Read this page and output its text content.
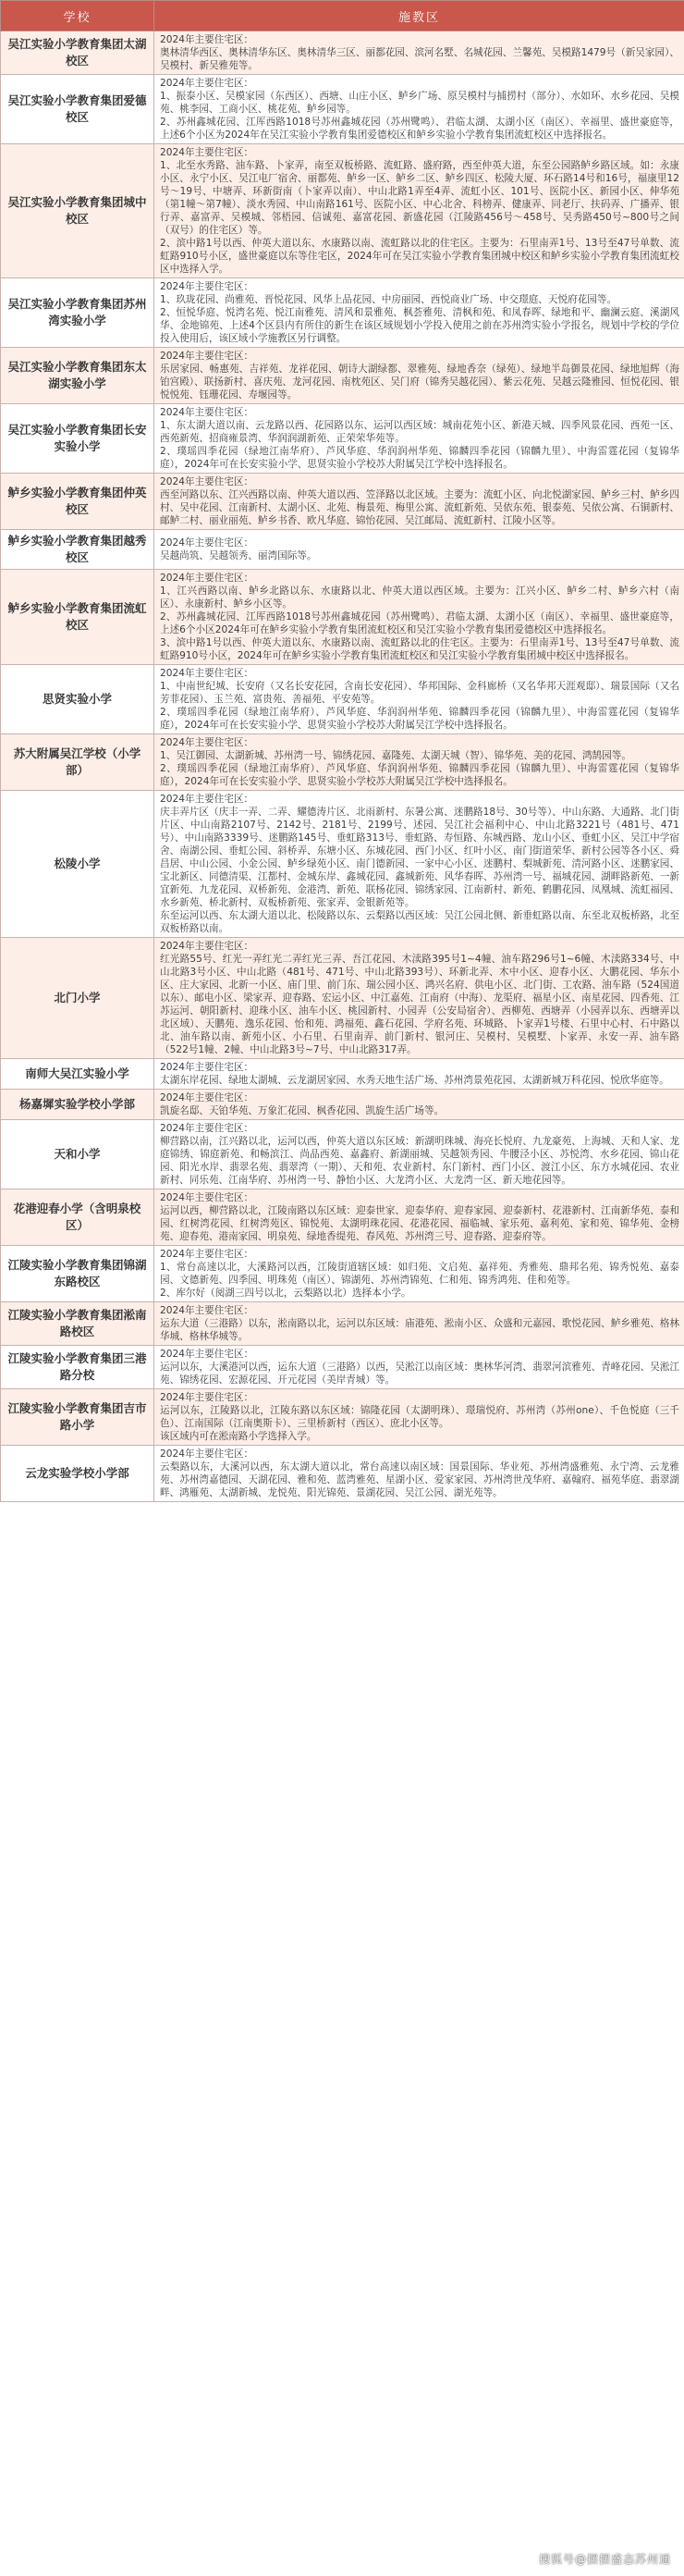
学校	施教区
吴江实验小学教育集团太湖校区	2024年主要住宅区：
奥林清华西区、奥林清华东区、奥林清华三区、丽都花园、滨河名墅、名城花园、兰馨苑、吴模路1479号（新吴家园）、吴模村、新吴雅苑等。

吴江实验小学教育集团爱德校区	2024年主要住宅区：
1、振泰小区、吴模家园（东西区）、西塘、山庄小区、鲈乡广场、原吴模村与捕捞村（部分）、水如环、水乡花园、吴模苑、桃李园、工商小区、桃花苑、鲈乡园等。
2、苏州鑫城花园、江厍西路1018号苏州鑫城花园（苏州鹭鸣）、君临太湖、太湖小区（南区）、幸福里、盛世豪庭等，上述6个小区为2024年在吴江实验小学教育集团爱德校区和鲈乡实验小学教育集团流虹校区中选择报名。

吴江实验小学教育集团城中校区	2024年主要住宅区：
1、北至水秀路、油车路、卜家弄，南至双板桥路、流虹路、盛府路，西至仲英大道，东至公园路鲈乡路区域。如：永康小区、永宁小区、吴江电厂宿舍、丽都苑、鲈乡一区、鲈乡二区、鲈乡四区、松陵大厦、环石路14号和16号，福康里12号～19号、中塘弄、环新街南（卜家弄以南）、中山北路1弄至4弄、流虹小区、101号、医院小区、新园小区、伸华苑（第1幢～第7幢）、淡水秀园、中山南路161号、医院小区、中心北舍、科榜弄、健康弄、同老厅、扶码弄、广播弄、银行弄、嘉富弄、吴模城、邻梧园、信诚苑、嘉富花园、新盛花园（江陵路456号～458号、吴秀路450号~800号之间（双号）的住宅区）等。
2、滨中路1号以西、仲英大道以东、水康路以南、流虹路以北的住宅区。主要为：石里南弄1号、13号至47号单数、流虹路910号小区，盛世豪庭以东等住宅区，2024年可在吴江实验小学教育集团城中校区和鲈乡实验小学教育集团流虹校区中选择入学。

吴江实验小学教育集团苏州湾实验小学	2024年主要住宅区：
1、玖珑花园、尚雅苑、晋悦花园、风华上品花园、中房丽园、西悦商业广场、中交璟庭、天悦府花园等。
2、恒悦华庭、悦湾名苑、悦江南雅苑、清风和景雅苑、枫荟雅苑、清枫和苑、和凤春晖、绿地和平、幽澜云庭、溪湖风华、金地锦苑、上述4个区县内有所住的新生在该区域规划小学投入使用之前在苏州湾实验小学报名，规划中学校的学位投入使用后，该区域小学施教区另行调整。

吴江实验小学教育集团东太湖实验小学	2024年主要住宅区：
乐居家园、畅惠苑、吉祥苑、龙祥花园、朝诗大湖绿都、翠雅苑、绿地香奈（绿苑）、绿地半岛御景花园、绿地旭辉（海铂宫殿）、联扬新村、喜庆苑、龙河花园、南枕苑区、吴门府（锦秀吴越花园）、紫云花苑、吴越云隆雅园、恒悦花园、银悦悦苑、钰珊花园、寿堰园等。

吴江实验小学教育集团长安实验小学	2024年主要住宅区：
1、东太湖大道以南、云龙路以西、花园路以东、运河以西区域：城南花苑小区、新港天城、四季风景花园、西苑一区、西苑新苑、招商雍景湾、华润润湖新苑、正荣荣华苑等。
2、璞瑶四季花园（绿地江南华府）、芦风华庭、华润润州华苑、锦麟四季花园（锦麟九里）、中海雷霆花园（复锦华庭），2024年可在长安实验小学、思贤实验小学校苏大附属吴江学校中选择报名。

鲈乡实验小学教育集团仲英校区	2024年主要住宅区：
西至河路以东、江兴西路以南、仲英大道以西、笠泽路以北区域。主要为：流虹小区、向北悦湖家园、鲈乡三村、鲈乡四村、吴中花园、江南新村、太湖小区、北苑、梅景苑、梅里公寓、流虹新苑、吴依东苑、银泰苑、吴依公寓、石铜新村、邮鲈二村、丽业丽苑、鲈乡书香、欧凡华庭、锦怡花园、吴江邮局、流虹新村、江陵小区等。

鲈乡实验小学教育集团越秀校区	2024年主要住宅区：
吴越尚筑、吴越领秀、丽湾国际等。

鲈乡实验小学教育集团流虹校区	2024年主要住宅区：
1、江兴西路以南、鲈乡北路以东、水康路以北、仲英大道以西区域。主要为：江兴小区、鲈乡二村、鲈乡六村（南区）、永康新村、鲈乡小区等。
2、苏州鑫城花园、江厍西路1018号苏州鑫城花园（苏州鹭鸣）、君临太湖、太湖小区（南区）、幸福里、盛世豪庭等，上述6个小区2024年可在鲈乡实验小学教育集团流虹校区和吴江实验小学教育集团爱德校区中选择报名。
3、滨中路1号以西、仲英大道以东、水康路以南、流虹路以北的住宅区。主要为：石里南弄1号、13号至47号单数、流虹路910号小区，2024年可在鲈乡实验小学教育集团流虹校区和吴江实验小学教育集团城中校区中选择报名。

思贤实验小学	2024年主要住宅区：
1、中南世纪城、长安府（又名长安花园，含南长安花园）、华邦国际、金科廊桥（又名华邦天涯观邸）、瑞景国际（又名芳菲花园）、玉兰苑、富贵苑、善福苑、平安苑等。
2、璞瑶四季花园（绿地江南华府）、芦风华庭、华润润州华苑、锦麟四季花园（锦麟九里）、中海雷霆花园（复锦华庭），2024年可在长安实验小学、思贤实验小学校苏大附属吴江学校中选择报名。

苏大附属吴江学校（小学部）	2024年主要住宅区：
1、吴江御园、太湖新城、苏州湾一号、锦绣花园、嘉隆苑、太湖天城（智）、锦华苑、美的花园、鸿鹄园等。
2、璞瑶四季花园（绿地江南华府）、芦风华庭、华润润州华苑、锦麟四季花园（锦麟九里）、中海雷霆花园（复锦华庭），2024年可在长安实验小学、思贤实验小学校苏大附属吴江学校中选择报名。

松陵小学	2024年主要住宅区：
庆丰弄片区（庆丰一弄、二弄、耀德涛片区、北雨新村、东暑公寓、迷鹏路18号、30号等）、中山东路、大通路、北门街片区、中山南路2107号、2142号、2181号、2199号、述园、吴江社会福利中心、中山北路3221号（481号、471号）、中山南路3339号、迷鹏路145号、垂虹路313号、垂虹路、寿恒路、东城西路、龙山小区、垂虹小区、吴江中学宿舍、南湖公园、垂虹公园、斜桥弄、东塘小区、东城花园、西门小区、红叶小区、南门街道荣华、新村公园等各小区、舜昌居、中山公园、小金公园、鲈乡绿苑小区、南门德新园、一家中心小区、迷鹏村、梨城新苑、清河路小区、迷鹏家园、宝北新区、同德清渠、江都村、金城东岸、鑫城花园、鑫城新苑、风华春晖、苏州湾一号、福城花园、湖畔路新苑、一新宜新苑、九龙花园、双桥新苑、金港湾、新苑、联杨花园、锦绣家园、江南新村、新苑、鹤鹏花园、凤凰城、流虹福园、水乡新苑、桥北新村、双板桥新苑、张家弄、金银新苑等。
东至运河以西、东太湖大道以北、松陵路以东、云梨路以西区域：吴江公园北侧、新垂虹路以南、东至北双板桥路，北至双板桥路以南。

北门小学	2024年主要住宅区：
红光路55号、红光一弄红光二弄红光三弄、吾江花园、木渎路395号1~4幢、油车路296号1~6幢、木渎路334号、中山北路3号小区、中山北路（481号、471号、中山北路393号）、环新北弄、木中小区、迎春小区、大鹏花园、华东小区、庄大家园、北新一小区、庙门里、前门东、瑞公园小区、鸿兴名府、供电小区、北门街、工农路、油车路（524国道以东）、邮电小区、梁家弄、迎春路、宏运小区、中江嘉苑、江南府（中海）、龙渠府、福星小区、南星花园、四香苑、江苏运河、朝阳新村、迎珠小区、油车小区、桃园新村、小园弄（公安局宿舍）、西柳苑、西塘弄（小园弄以东、西塘弄以北区域）、天鹏苑、逸乐花园、怡和苑、鸿福苑、鑫石花园、学府名苑、环城路、卜家弄1号楼、石里中心村、石中路以北、油车路以南、新苑小区、小石里、石里南弄、前门新村、银河庄、吴模村、吴模墅、卜家弄、永安一弄、油车路（522号1幢、2幢、中山北路3号~7号、中山北路317弄。

南师大吴江实验小学	2024年主要住宅区：
太湖东岸花园、绿地太湖城、云龙湖居家园、水秀天地生活广场、苏州湾景苑花园、太湖新城万科花园、悦欣华庭等。

杨嘉墀实验学校小学部	2024年主要住宅区：
凯旋名邸、天铂华苑、万象汇花园、枫香花园、凯旋生活广场等。

天和小学	2024年主要住宅区：
柳营路以南，江兴路以北，运河以西，仲英大道以东区域：新湖明珠城、海亮长悦府、九龙豪苑、上海城、天和人家、龙庭锦绣、锦庭新苑、和畅滨江、尚品西苑、嘉鑫府、新湖丽城、吴越领秀园、牛腰泾小区、苏悦湾、水乡花园、锦山花园、阳光水岸、翡翠名苑、翡翠湾（一期）、天和苑、农业新村、东门新村、西门小区、渡江小区、东方水城花园、农业新村、同乐苑、江南华府、苏州湾一号、静怡小区、大龙湾小区、大龙湾一区、新天地花园等。

花港迎春小学（含明泉校区）	2024年主要住宅区：
运河以西，柳营路以北，江陵南路以东区域：迎泰世家、迎泰华府、迎春家园、迎泰新村、花港新村、江南新华苑、泰和园、红树湾花园、红树湾苑区、锦悦苑、太湖明珠花园、花港花园、福临城、家乐苑、嘉利苑、家和苑、锦华苑、金榜苑、迎春苑、港南家园、明泉苑、绿地香缇苑、春风苑、苏州湾三号、迎春路、迎泰府等。

江陵实验小学教育集团锦湖东路校区	2024年主要住宅区：
1、常台高速以北，大溪路河以西，江陵街道辖区域：如归苑、文启苑、嘉祥苑、秀雅苑、鼎邦名苑、锦秀悦苑、嘉泰园、文德新苑、四季园、明珠苑（南区）、锦湖苑、苏州湾锦苑、仁和苑、锦秀鸿苑、佳和苑等。
2、库尔好（阅湖三四号以北，云梨路以北）选择本小学。

江陵实验小学教育集团淞南路校区	2024年主要住宅区：
运东大道（三港路）以东，淞南路以北，运河以东区域：庙港苑、淞南小区、众盛和元嘉园、歌悦花园、鲈乡雅苑、格林华城、格林华城等。

江陵实验小学教育集团三港路分校	2024年主要住宅区：
运河以东，大溪港河以西，运东大道（三港路）以西，吴淞江以南区域：奥林华河湾、翡翠河滨雅苑、青峰花园、吴淞江苑、锦绣花园、宏源花园、开元花园（美岸青城）等。

江陵实验小学教育集团吉市路小学	2024年主要住宅区：
运河以东，江陵路以北，江陵东路以东区域：锦隆花园（太湖明珠）、璟瑞悦府、苏州湾（苏州one）、千色悦庭（三千色）、江南国际（江南奥斯卡）、三里桥新村（西区）、庶北小区等。
该区域内可在淞南路小学选择入学。

云龙实验学校小学部	2024年主要住宅区：
云梨路以东，大溪河以西，东太湖大道以北，常台高速以南区域：国景国际、华业苑、苏州湾盛雅苑、永宁湾、云龙雅苑、苏州湾嘉德园、天湖花园、雅和苑、蓝湾雅苑、星湖小区、爱家家园、苏州湾世茂华府、嘉翰府、福苑华庭、翡翠湖畔、鸿雁苑、太湖新城、龙悦苑、阳光锦苑、景湖花园、吴江公园、湖光苑等。
搜狐号@摆摆盛态苏州通
